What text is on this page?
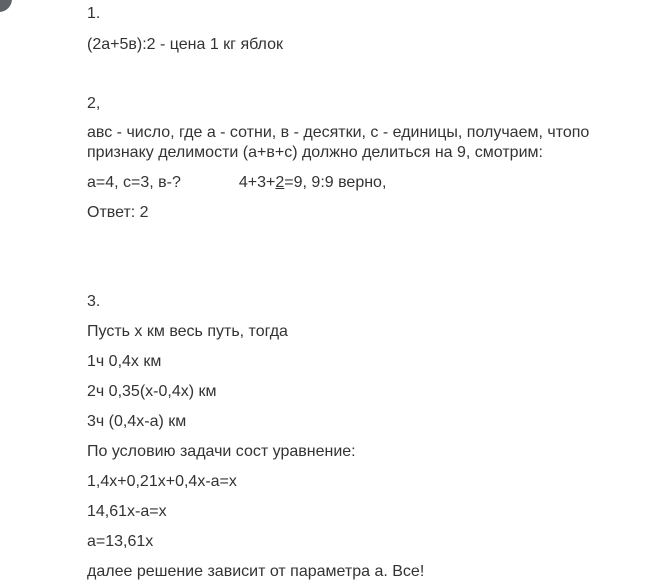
1.
(2а+5в):2 - цена 1 кг яблок
2,
авс - число, где а - сотни, в - десятки, с - единицы, получаем, чтопо
признаку делимости (а+в+с) должно делиться на 9, смотрим:
а=4, с=3, в-?	4+3+2=9, 9:9 верно,
Ответ: 2
3.
Пусть х км весь путь, тогда
1ч 0,4х км
2ч 0,35(х-0,4х) км
3ч (0,4х-а) км
По условию задачи сост уравнение:
1,4х+0,21х+0,4х-а=х
14,61х-а=х
а=13,61х
далее решение зависит от параметра а. Все!
